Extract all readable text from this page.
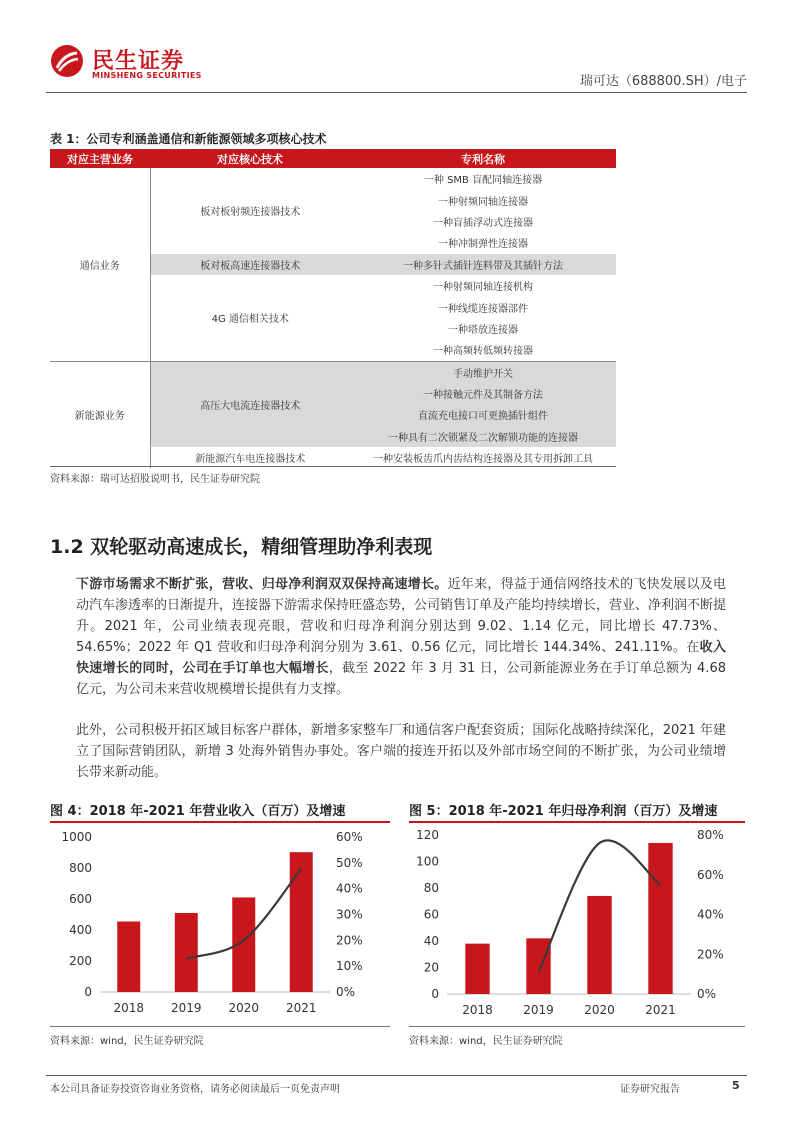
民生证券
MINSHENG SECURITIES	瑞可达（688800.SH）/电子
表 1：公司专利涵盖通信和新能源领域多项核心技术
对应主营业务	对应核心技术	专利名称
通信业务	板对板射频连接器技术	一种 SMB 盲配同轴连接器
		一种射频同轴连接器
		一种盲插浮动式连接器
		一种冲制弹性连接器
	板对板高速连接器技术	一种多针式插针连料带及其插针方法
	4G 通信相关技术	一种射频同轴连接机构
		一种线缆连接器部件
		一种塔放连接器
		一种高频转低频转接器
新能源业务	高压大电流连接器技术	手动维护开关
		一种接触元件及其制备方法
		直流充电接口可更换插针组件
		一种具有二次锁紧及二次解锁功能的连接器
	新能源汽车电连接器技术	一种安装板齿爪内齿结构连接器及其专用拆卸工具
资料来源：瑞可达招股说明书，民生证券研究院
1.2 双轮驱动高速成长，精细管理助净利表现
下游市场需求不断扩张，营收、归母净利润双双保持高速增长。近年来，得益于通信网络技术的飞快发展以及电动汽车渗透率的日渐提升，连接器下游需求保持旺盛态势，公司销售订单及产能均持续增长，营业、净利润不断提升。2021 年，公司业绩表现亮眼，营收和归母净利润分别达到 9.02、1.14 亿元，同比增长 47.73%、54.65%；2022 年 Q1 营收和归母净利润分别为 3.61、0.56 亿元，同比增长 144.34%、241.11%。在收入快速增长的同时，公司在手订单也大幅增长，截至 2022 年 3 月 31 日，公司新能源业务在手订单总额为 4.68 亿元，为公司未来营收规模增长提供有力支撑。
此外，公司积极开拓区域目标客户群体，新增多家整车厂和通信客户配套资质；国际化战略持续深化，2021 年建立了国际营销团队，新增 3 处海外销售办事处。客户端的接连开拓以及外部市场空间的不断扩张，为公司业绩增长带来新动能。
图 4：2018 年-2021 年营业收入（百万）及增速
0
200
400
600
800
1000
0%
10%
20%
30%
40%
50%
60%
2018 2019 2020 2021
资料来源：wind，民生证券研究院
图 5：2018 年-2021 年归母净利润（百万）及增速
0
20
40
60
80
100
120
0%
20%
40%
60%
80%
2018	2019	2020	2021
资料来源：wind，民生证券研究院
本公司具备证券投资咨询业务资格，请务必阅读最后一页免责声明	证券研究报告	5
